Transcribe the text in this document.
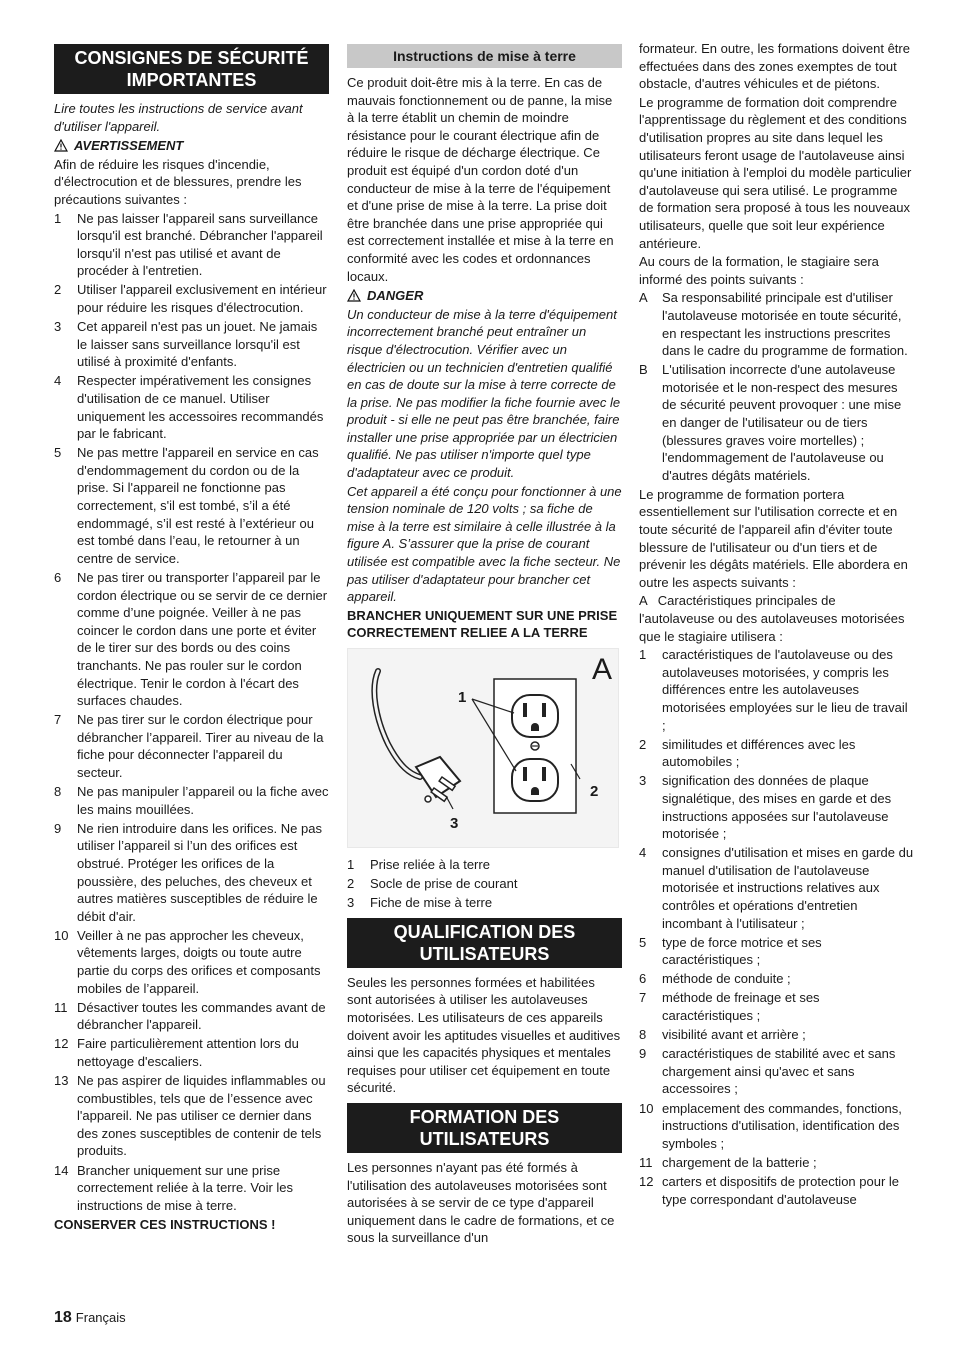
CONSIGNES DE SÉCURITÉ IMPORTANTES

Lire toutes les instructions de service avant d'utiliser l'appareil.

AVERTISSEMENT

Afin de réduire les risques d'incendie, d'électrocution et de blessures, prendre les précautions suivantes :

1	Ne pas laisser l'appareil sans surveillance lorsqu'il est branché. Débrancher l'appareil lorsqu'il n'est pas utilisé et avant de procéder à l'entretien.
2	Utiliser l'appareil exclusivement en intérieur pour réduire les risques d'électrocution.
3	Cet appareil n'est pas un jouet. Ne jamais le laisser sans surveillance lorsqu'il est utilisé à proximité d'enfants.
4	Respecter impérativement les consignes d'utilisation de ce manuel. Utiliser uniquement les accessoires recommandés par le fabricant.
5	Ne pas mettre l'appareil en service en cas d'endommagement du cordon ou de la prise. Si l'appareil ne fonctionne pas correctement, s'il est tombé, s’il a été endommagé, s’il est resté à l’extérieur ou est tombé dans l’eau, le retourner à un centre de service.
6	Ne pas tirer ou transporter l’appareil par le cordon électrique ou se servir de ce dernier comme d’une poignée. Veiller à ne pas coincer le cordon dans une porte et éviter de le tirer sur des bords ou des coins tranchants. Ne pas rouler sur le cordon électrique. Tenir le cordon à l'écart des surfaces chaudes.
7	Ne pas tirer sur le cordon électrique pour débrancher l’appareil. Tirer au niveau de la fiche pour déconnecter l'appareil du secteur.
8	Ne pas manipuler l’appareil ou la fiche avec les mains mouillées.
9	Ne rien introduire dans les orifices. Ne pas utiliser l’appareil si l’un des orifices est obstrué. Protéger les orifices de la poussière, des peluches, des cheveux et autres matières susceptibles de réduire le débit d'air.
10 Veiller à ne pas approcher les cheveux, vêtements larges, doigts ou toute autre partie du corps des orifices et composants mobiles de l’appareil.
11 Désactiver toutes les commandes avant de débrancher l'appareil.
12 Faire particulièrement attention lors du nettoyage d'escaliers.
13 Ne pas aspirer de liquides inflammables ou combustibles, tels que de l’essence avec l'appareil. Ne pas utiliser ce dernier dans des zones susceptibles de contenir de tels produits.
14 Brancher uniquement sur une prise correctement reliée à la terre. Voir les instructions de mise à terre.

CONSERVER CES INSTRUCTIONS !

Instructions de mise à terre

Ce produit doit-être mis à la terre. En cas de mauvais fonctionnement ou de panne, la mise à la terre établit un chemin de moindre résistance pour le courant électrique afin de réduire le risque de décharge électrique. Ce produit est équipé d'un cordon doté d'un conducteur de mise à la terre de l'équipement et d'une prise de mise à la terre. La prise doit être branchée dans une prise appropriée qui est correctement installée et mise à la terre en conformité avec les codes et ordonnances locaux.

DANGER

Un conducteur de mise à la terre d'équipement incorrectement branché peut entraîner un risque d'électrocution. Vérifier avec un électricien ou un technicien d'entretien qualifié en cas de doute sur la mise à terre correcte de la prise. Ne pas modifier la fiche fournie avec le produit - si elle ne peut pas être branchée, faire installer une prise appropriée par un électricien qualifié. Ne pas utiliser n'importe quel type d'adaptateur avec ce produit.

Cet appareil a été conçu pour fonctionner à une tension nominale de 120 volts ; sa fiche de mise à la terre est similaire à celle illustrée à la figure A. S’assurer que la prise de courant utilisée est compatible avec la fiche secteur. Ne pas utiliser d'adaptateur pour brancher cet appareil.

BRANCHER UNIQUEMENT SUR UNE PRISE CORRECTEMENT RELIEE A LA TERRE

A
1
2
3
1	Prise reliée à la terre
2	Socle de prise de courant
3	Fiche de mise à terre
QUALIFICATION DES UTILISATEURS

Seules les personnes formées et habilitées sont autorisées à utiliser les autolaveuses motorisées. Les utilisateurs de ces appareils doivent avoir les aptitudes visuelles et auditives ainsi que les capacités physiques et mentales requises pour utiliser cet équipement en toute sécurité.

FORMATION DES UTILISATEURS

Les personnes n'ayant pas été formés à l'utilisation des autolaveuses motorisées sont autorisées à se servir de ce type d'appareil uniquement dans le cadre de formations, et ce sous la surveillance d'un

formateur. En outre, les formations doivent être effectuées dans des zones exemptes de tout obstacle, d'autres véhicules et de piétons.

Le programme de formation doit comprendre l'apprentissage du règlement et des conditions d'utilisation propres au site dans lequel les utilisateurs feront usage de l'autolaveuse ainsi qu'une initiation à l'emploi du modèle particulier d'autolaveuse qui sera utilisé. Le programme de formation sera proposé à tous les nouveaux utilisateurs, quelle que soit leur expérience antérieure.

Au cours de la formation, le stagiaire sera informé des points suivants :

A	Sa responsabilité principale est d'utiliser l'autolaveuse motorisée en toute sécurité, en respectant les instructions prescrites dans le cadre du programme de formation.
B	L'utilisation incorrecte d'une autolaveuse motorisée et le non-respect des mesures de sécurité peuvent provoquer : une mise en danger de l'utilisateur ou de tiers (blessures graves voire mortelles) ; l'endommagement de l'autolaveuse ou d'autres dégâts matériels.

Le programme de formation portera essentiellement sur l'utilisation correcte et en toute sécurité de l'appareil afin d'éviter toute blessure de l'utilisateur ou d'un tiers et de prévenir les dégâts matériels. Elle abordera en outre les aspects suivants :

A   Caractéristiques principales de l'autolaveuse ou des autolaveuses motorisées que le stagiaire utilisera :

1	caractéristiques de l'autolaveuse ou des autolaveuses motorisées, y compris les différences entre les autolaveuses motorisées employées sur le lieu de travail ;
2	similitudes et différences avec les automobiles ;
3	signification des données de plaque signalétique, des mises en garde et des instructions apposées sur l'autolaveuse motorisée ;
4	consignes d'utilisation et mises en garde du manuel d'utilisation de l'autolaveuse motorisée et instructions relatives aux contrôles et opérations d'entretien incombant à l'utilisateur ;
5	type de force motrice et ses caractéristiques ;
6	méthode de conduite ;
7	méthode de freinage et ses caractéristiques ;
8	visibilité avant et arrière ;
9	caractéristiques de stabilité avec et sans chargement ainsi qu'avec et sans accessoires ;
10 emplacement des commandes, fonctions, instructions d'utilisation, identification des symboles ;
11 chargement de la batterie ;
12 carters et dispositifs de protection pour le type correspondant d'autolaveuse
18 Français
